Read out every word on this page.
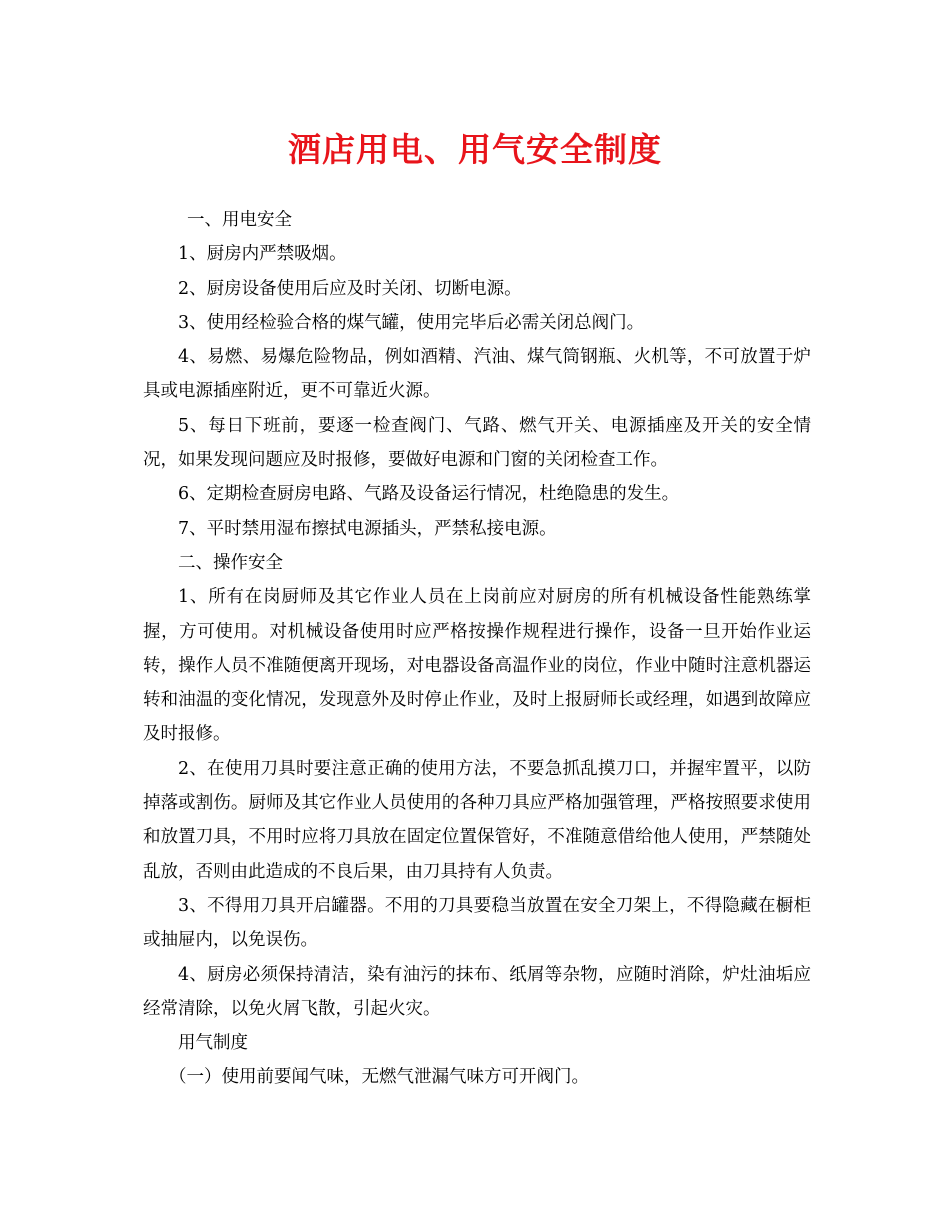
酒店用电、用气安全制度

一、用电安全

1、厨房内严禁吸烟。

2、厨房设备使用后应及时关闭、切断电源。

3、使用经检验合格的煤气罐，使用完毕后必需关闭总阀门。

4、易燃、易爆危险物品，例如酒精、汽油、煤气筒钢瓶、火机等，不可放置于炉具或电源插座附近，更不可靠近火源。

5、每日下班前，要逐一检查阀门、气路、燃气开关、电源插座及开关的安全情况，如果发现问题应及时报修，要做好电源和门窗的关闭检查工作。

6、定期检查厨房电路、气路及设备运行情况，杜绝隐患的发生。

7、平时禁用湿布擦拭电源插头，严禁私接电源。

二、操作安全

1、所有在岗厨师及其它作业人员在上岗前应对厨房的所有机械设备性能熟练掌握，方可使用。对机械设备使用时应严格按操作规程进行操作，设备一旦开始作业运转，操作人员不准随便离开现场，对电器设备高温作业的岗位，作业中随时注意机器运转和油温的变化情况，发现意外及时停止作业，及时上报厨师长或经理，如遇到故障应及时报修。

2、在使用刀具时要注意正确的使用方法，不要急抓乱摸刀口，并握牢置平，以防掉落或割伤。厨师及其它作业人员使用的各种刀具应严格加强管理，严格按照要求使用和放置刀具，不用时应将刀具放在固定位置保管好，不准随意借给他人使用，严禁随处乱放，否则由此造成的不良后果，由刀具持有人负责。

3、不得用刀具开启罐器。不用的刀具要稳当放置在安全刀架上，不得隐藏在橱柜或抽屉内，以免误伤。

4、厨房必须保持清洁，染有油污的抹布、纸屑等杂物，应随时消除，炉灶油垢应经常清除，以免火屑飞散，引起火灾。

用气制度

（一）使用前要闻气味，无燃气泄漏气味方可开阀门。
